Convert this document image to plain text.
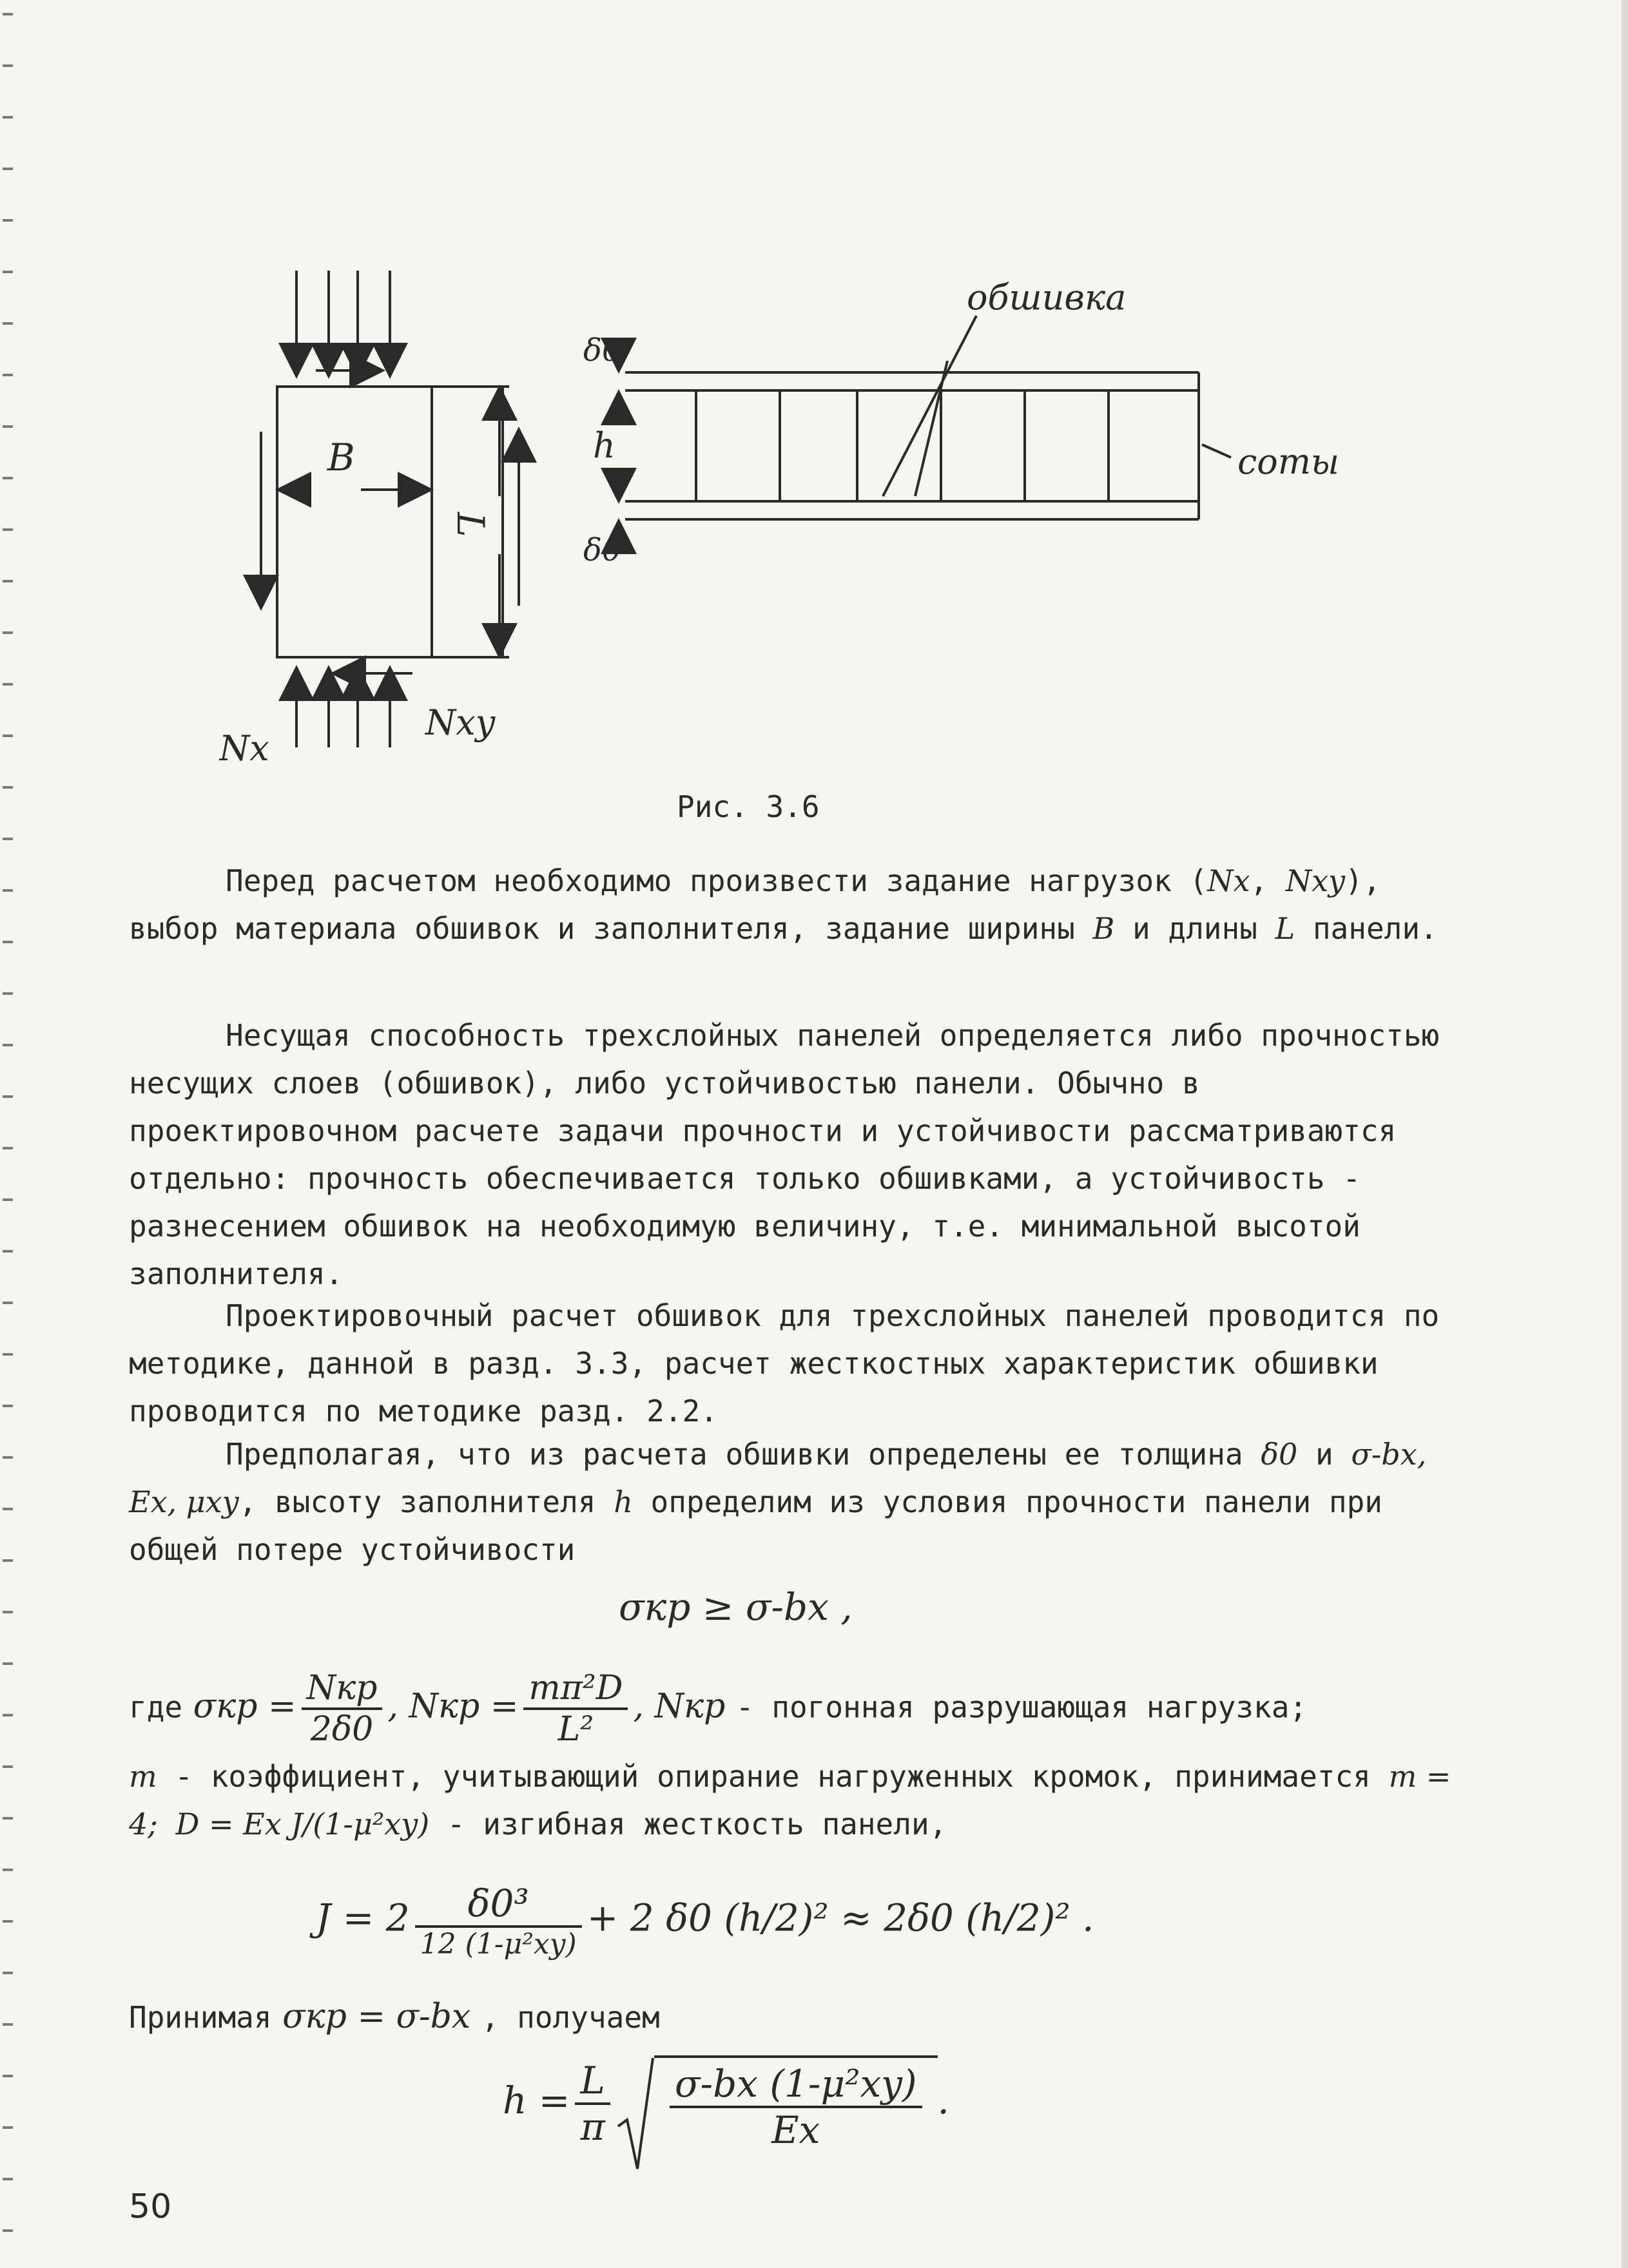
B
L
Nx
Nxy
δ0
h
δ0
обшивка
соты
Рис. 3.6

Перед расчетом необходимо произвести задание нагрузок (Nx, Nxy), выбор материала обшивок и заполнителя, задание ширины B и длины L панели.

Несущая способность трехслойных панелей определяется либо прочностью несущих слоев (обшивок), либо устойчивостью панели. Обычно в проектировочном расчете задачи прочности и устойчивости рассматриваются отдельно: прочность обеспечивается только обшивками, а устойчивость - разнесением обшивок на необходимую величину, т.е. минимальной высотой заполнителя.

Проектировочный расчет обшивок для трехслойных панелей проводится по методике, данной в разд. 3.3, расчет жесткостных характеристик обшивки проводится по методике разд. 2.2.

Предполагая, что из расчета обшивки определены ее толщина δ0 и σ-bx, Ex, μxy, высоту заполнителя h определим из условия прочности панели при общей потере устойчивости

σкр ≥ σ-bx ,
где $\sigma кр = \frac{\text{Nкр}}{2\delta 0}$ , Nкр = $\frac{\text{mπ²D}}{\text{L²}}$ , Nкр - погонная разрушающая нагрузка;

m - коэффициент, учитывающий опирание нагруженных кромок, принимается m = 4; D = Ex J/(1-μ²xy) - изгибная жесткость панели,

$J = 2 \frac{\text{δ0³}}{\text{12 (1-μ²xy)}} + 2$ δ0 (h/2)² ≈ 2δ0 (h/2)² .
Принимая σкр = σ-bx , получаем
$h = \frac{L}{\pi} \frac{\text{σ-bx (1-μ²xy)}}{Ex}$ .
50
